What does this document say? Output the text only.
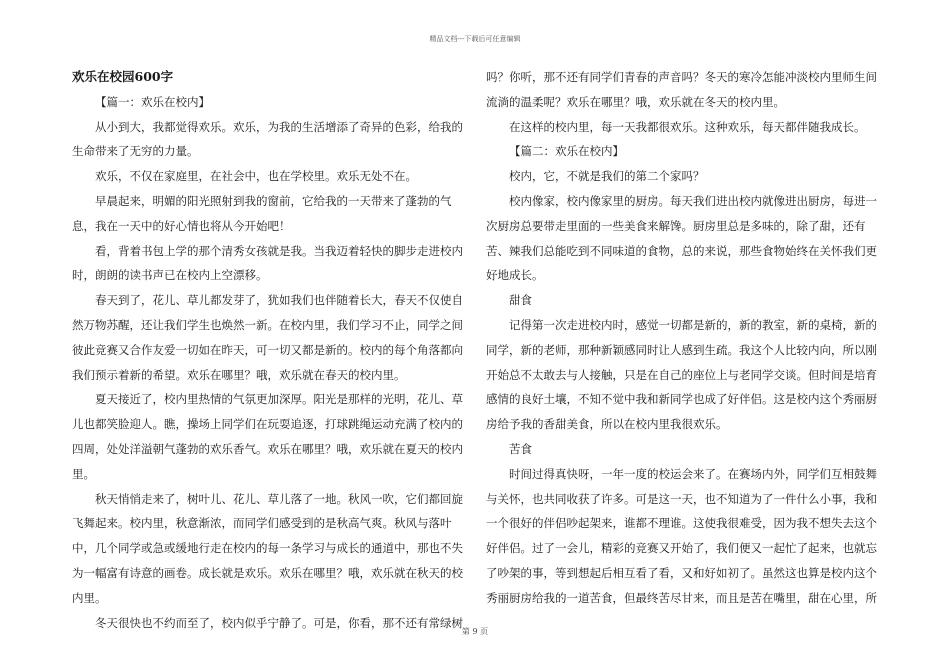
精品文档---下载后可任意编辑
欢乐在校园600字

【篇一：欢乐在校内】

从小到大，我都觉得欢乐。欢乐，为我的生活增添了奇异的色彩，给我的生命带来了无穷的力量。

欢乐，不仅在家庭里，在社会中，也在学校里。欢乐无处不在。

早晨起来，明媚的阳光照射到我的窗前，它给我的一天带来了蓬勃的气息，我在一天中的好心情也将从今开始吧！

看，背着书包上学的那个清秀女孩就是我。当我迈着轻快的脚步走进校内时，朗朗的读书声已在校内上空漂移。

春天到了，花儿、草儿都发芽了，犹如我们也伴随着长大，春天不仅使自然万物苏醒，还让我们学生也焕然一新。在校内里，我们学习不止，同学之间彼此竞赛又合作友爱一切如在昨天，可一切又都是新的。校内的每个角落都向我们预示着新的希望。欢乐在哪里？哦，欢乐就在春天的校内里。

夏天接近了，校内里热情的气氛更加深厚。阳光是那样的光明，花儿、草儿也都笑脸迎人。瞧，操场上同学们在玩耍追逐，打球跳绳运动充满了校内的四周，处处洋溢朝气蓬勃的欢乐香气。欢乐在哪里？哦，欢乐就在夏天的校内里。

秋天悄悄走来了，树叶儿、花儿、草儿落了一地。秋风一吹，它们都回旋飞舞起来。校内里，秋意渐浓，而同学们感受到的是秋高气爽。秋风与落叶中，几个同学或急或缓地行走在校内的每一条学习与成长的通道中，那也不失为一幅富有诗意的画卷。成长就是欢乐。欢乐在哪里？哦，欢乐就在秋天的校内里。

冬天很快也不约而至了，校内似乎宁静了。可是，你看，那不还有常绿树

吗？你听，那不还有同学们青春的声音吗？冬天的寒冷怎能冲淡校内里师生间流淌的温柔呢？欢乐在哪里？哦，欢乐就在冬天的校内里。

在这样的校内里，每一天我都很欢乐。这种欢乐，每天都伴随我成长。

【篇二：欢乐在校内】

校内，它，不就是我们的第二个家吗？

校内像家，校内像家里的厨房。每天我们进出校内就像进出厨房，每进一次厨房总要带走里面的一些美食来解馋。厨房里总是多味的，除了甜，还有苦、辣我们总能吃到不同味道的食物，总的来说，那些食物始终在关怀我们更好地成长。

甜食

记得第一次走进校内时，感觉一切都是新的，新的教室，新的桌椅，新的同学，新的老师，那种新颖感同时让人感到生疏。我这个人比较内向，所以刚开始总不太敢去与人接触，只是在自己的座位上与老同学交谈。但时间是培育感情的良好土壤，不知不觉中我和新同学也成了好伴侣。这是校内这个秀丽厨房给予我的香甜美食，所以在校内里我很欢乐。

苦食

时间过得真快呀，一年一度的校运会来了。在赛场内外，同学们互相鼓舞与关怀，也共同收获了许多。可是这一天，也不知道为了一件什么小事，我和一个很好的伴侣吵起架来，谁都不理谁。这使我很难受，因为我不想失去这个好伴侣。过了一会儿，精彩的竞赛又开始了，我们便又一起忙了起来，也就忘了吵架的事，等到想起后相互看了看，又和好如初了。虽然这也算是校内这个秀丽厨房给我的一道苦食，但最终苦尽甘来，而且是苦在嘴里，甜在心里，所

第 9 页
